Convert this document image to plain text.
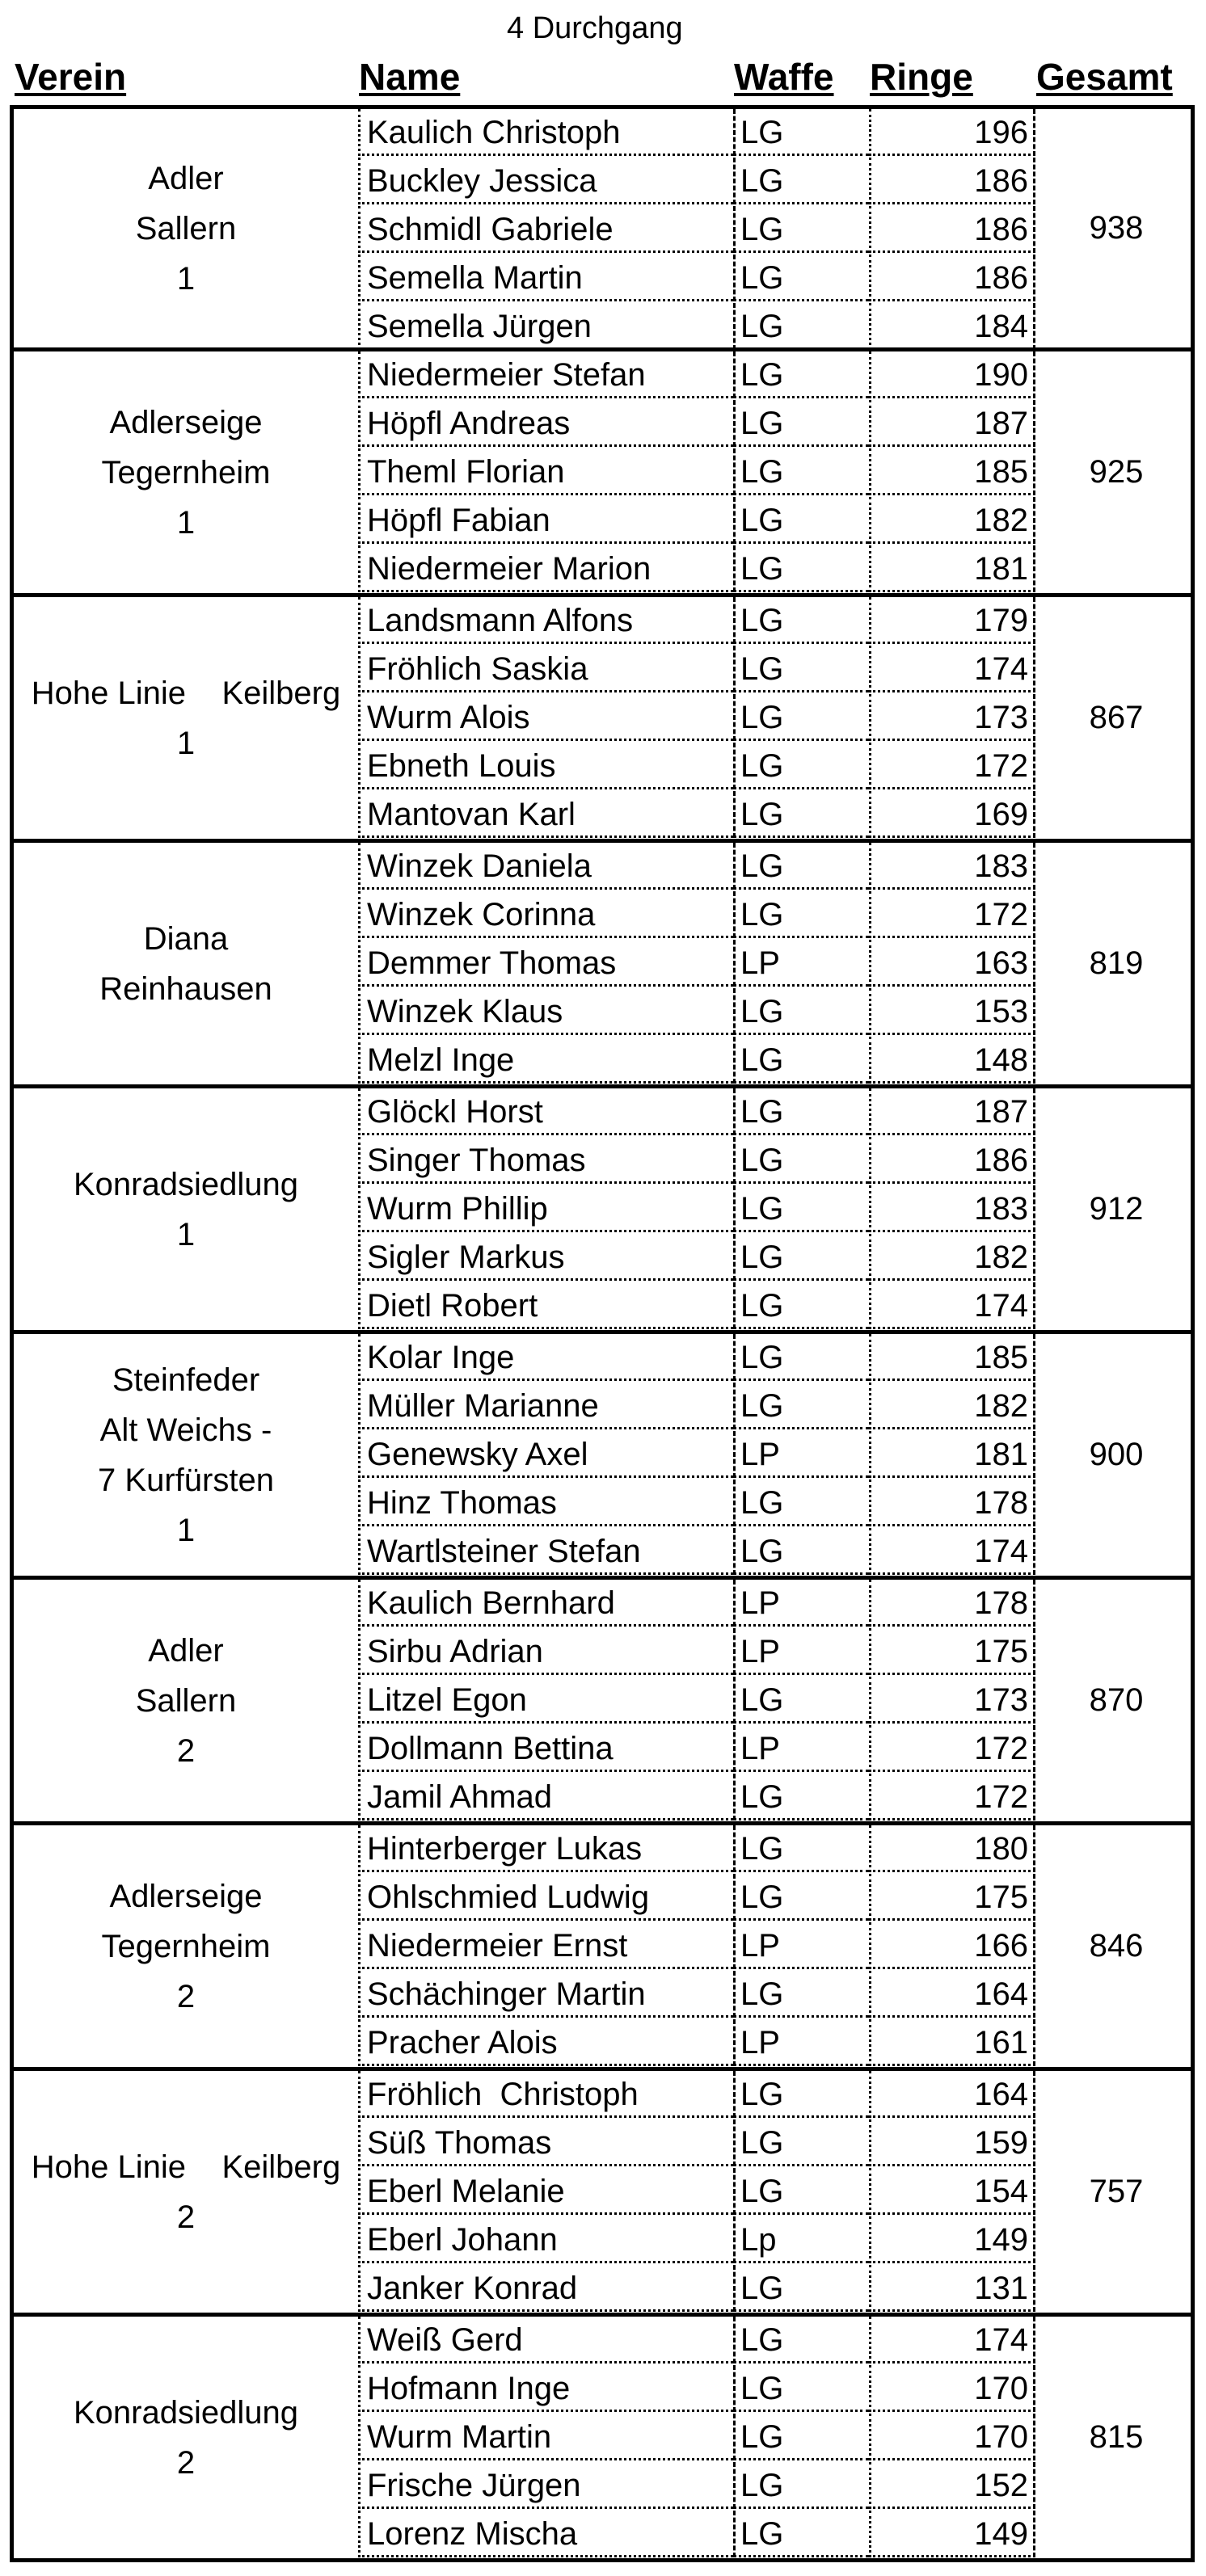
4 Durchgang
Verein	Name	Waffe Ringe Gesamt
Adler
Sallern
1
Kaulich Christoph	LG	196
Buckley Jessica	LG	186
Schmidl Gabriele	LG	186
Semella Martin	LG	186
Semella Jürgen	LG	184
938
Adlerseige
Tegernheim
1
Niedermeier Stefan	LG	190
Höpfl Andreas	LG	187
Theml Florian	LG	185
Höpfl Fabian	LG	182
Niedermeier Marion	LG	181
925
Hohe Linie    Keilberg
1
Landsmann Alfons	LG	179
Fröhlich Saskia	LG	174
Wurm Alois	LG	173
Ebneth Louis	LG	172
Mantovan Karl	LG	169
867
Diana
Reinhausen
Winzek Daniela	LG	183
Winzek Corinna	LG	172
Demmer Thomas	LP	163
Winzek Klaus	LG	153
Melzl Inge	LG	148
819
Konradsiedlung
1
Glöckl Horst	LG	187
Singer Thomas	LG	186
Wurm Phillip	LG	183
Sigler Markus	LG	182
Dietl Robert	LG	174
912
Steinfeder
Alt Weichs -
7 Kurfürsten
1
Kolar Inge	LG	185
Müller Marianne	LG	182
Genewsky Axel	LP	181
Hinz Thomas	LG	178
Wartlsteiner Stefan	LG	174
900
Adler
Sallern
2
Kaulich Bernhard	LP	178
Sirbu Adrian	LP	175
Litzel Egon	LG	173
Dollmann Bettina	LP	172
Jamil Ahmad	LG	172
870
Adlerseige
Tegernheim
2
Hinterberger Lukas	LG	180
Ohlschmied Ludwig	LG	175
Niedermeier Ernst	LP	166
Schächinger Martin	LG	164
Pracher Alois	LP	161
846
Hohe Linie    Keilberg
2
Fröhlich  Christoph	LG	164
Süß Thomas	LG	159
Eberl Melanie	LG	154
Eberl Johann	Lp	149
Janker Konrad	LG	131
757
Konradsiedlung
2
Weiß Gerd	LG	174
Hofmann Inge	LG	170
Wurm Martin	LG	170
Frische Jürgen	LG	152
Lorenz Mischa	LG	149
815
